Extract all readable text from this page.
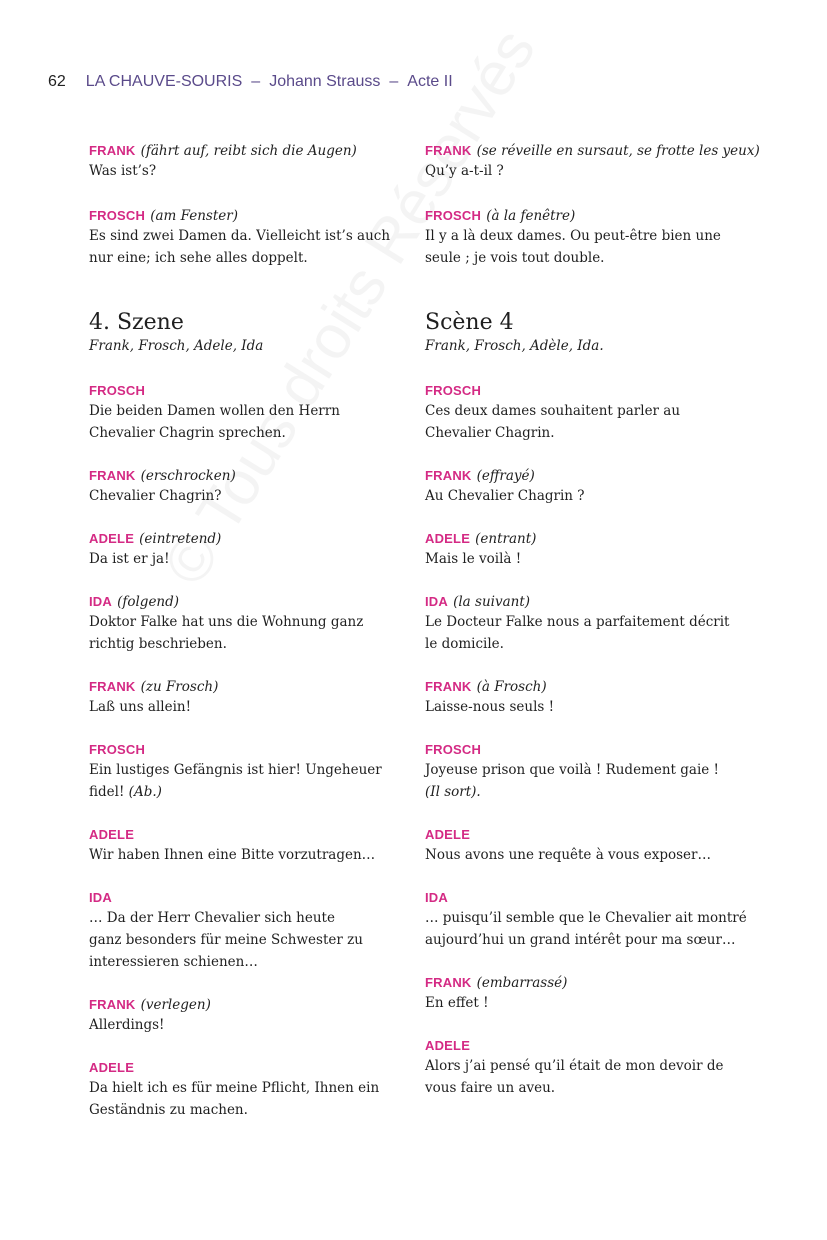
62 LA CHAUVE-SOURIS – Johann Strauss – Acte II
FRANK (fährt auf, reibt sich die Augen)
Was ist’s?
FROSCH (am Fenster)
Es sind zwei Damen da. Vielleicht ist’s auch
nur eine; ich sehe alles doppelt.
4. Szene
Frank, Frosch, Adele, Ida
FROSCH
Die beiden Damen wollen den Herrn
Chevalier Chagrin sprechen.
FRANK (erschrocken)
Chevalier Chagrin?
ADELE (eintretend)
Da ist er ja!
IDA (folgend)
Doktor Falke hat uns die Wohnung ganz
richtig beschrieben.
FRANK (zu Frosch)
Laß uns allein!
FROSCH
Ein lustiges Gefängnis ist hier! Ungeheuer
fidel! (Ab.)
ADELE
Wir haben Ihnen eine Bitte vorzutragen…
IDA
… Da der Herr Chevalier sich heute
ganz besonders für meine Schwester zu
interessieren schienen…
FRANK (verlegen)
Allerdings!
ADELE
Da hielt ich es für meine Pflicht, Ihnen ein
Geständnis zu machen.
FRANK (se réveille en sursaut, se frotte les yeux)
Qu’y a-t-il ?
FROSCH (à la fenêtre)
Il y a là deux dames. Ou peut-être bien une
seule ; je vois tout double.
Scène 4
Frank, Frosch, Adèle, Ida.
FROSCH
Ces deux dames souhaitent parler au
Chevalier Chagrin.
FRANK (effrayé)
Au Chevalier Chagrin ?
ADELE (entrant)
Mais le voilà !
IDA (la suivant)
Le Docteur Falke nous a parfaitement décrit
le domicile.
FRANK (à Frosch)
Laisse-nous seuls !
FROSCH
Joyeuse prison que voilà ! Rudement gaie !
(Il sort).
ADELE
Nous avons une requête à vous exposer…
IDA
… puisqu’il semble que le Chevalier ait montré
aujourd’hui un grand intérêt pour ma sœur…
FRANK (embarrassé)
En effet !
ADELE
Alors j’ai pensé qu’il était de mon devoir de
vous faire un aveu.
